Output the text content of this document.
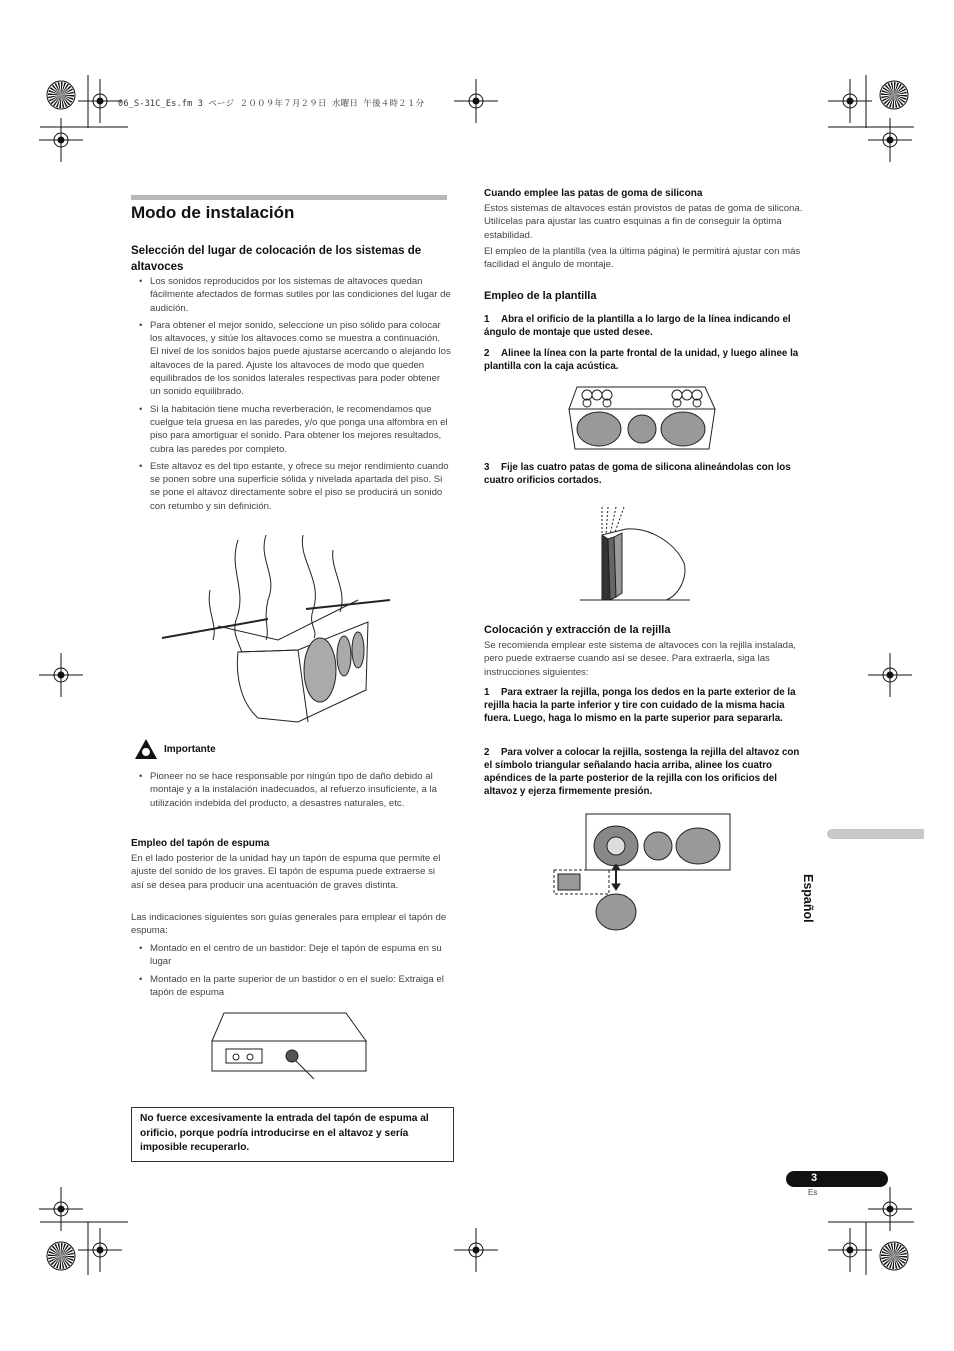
06_S-31C_Es.fm 3 ページ ２００９年７月２９日 水曜日 午後４時２１分
Modo de instalación
Selección del lugar de colocación de los sistemas de altavoces
• Los sonidos reproducidos por los sistemas de altavoces quedan fácilmente afectados de formas sutiles por las condiciones del lugar de audición.
• Para obtener el mejor sonido, seleccione un piso sólido para colocar los altavoces, y sitúe los altavoces como se muestra a continuación. El nivel de los sonidos bajos puede ajustarse acercando o alejando los altavoces de la pared. Ajuste los altavoces de modo que queden equilibrados de los sonidos laterales respectivas para poder obtener un sonido equilibrado.
• Si la habitación tiene mucha reverberación, le recomendamos que cuelgue tela gruesa en las paredes, y/o que ponga una alfombra en el piso para amortiguar el sonido. Para obtener los mejores resultados, cubra las paredes por completo.
• Este altavoz es del tipo estante, y ofrece su mejor rendimiento cuando se ponen sobre una superficie sólida y nivelada apartada del piso. Si se pone el altavoz directamente sobre el piso se producirá un sonido con retumbo y sin definición.
Importante
• Pioneer no se hace responsable por ningún tipo de daño debido al montaje y a la instalación inadecuados, al refuerzo insuficiente, a la utilización indebida del producto, a desastres naturales, etc.
Empleo del tapón de espuma
En el lado posterior de la unidad hay un tapón de espuma que permite el ajuste del sonido de los graves. El tapón de espuma puede extraerse si así se desea para producir una acentuación de graves distinta.
Las indicaciones siguientes son guías generales para emplear el tapón de espuma:
• Montado en el centro de un bastidor: Deje el tapón de espuma en su lugar
• Montado en la parte superior de un bastidor o en el suelo: Extraiga el tapón de espuma
No fuerce excesivamente la entrada del tapón de espuma al orificio, porque podría introducirse en el altavoz y sería imposible recuperarlo.
Cuando emplee las patas de goma de silicona
Estos sistemas de altavoces están provistos de patas de goma de silicona. Utilícelas para ajustar las cuatro esquinas a fin de conseguir la óptima estabilidad.
El empleo de la plantilla (vea la última página) le permitirá ajustar con más facilidad el ángulo de montaje.
Empleo de la plantilla
1 Abra el orificio de la plantilla a lo largo de la línea indicando el ángulo de montaje que usted desee.
2 Alinee la línea con la parte frontal de la unidad, y luego alinee la plantilla con la caja acústica.
3 Fije las cuatro patas de goma de silicona alineándolas con los cuatro orificios cortados.
Colocación y extracción de la rejilla
Se recomienda emplear este sistema de altavoces con la rejilla instalada, pero puede extraerse cuando así se desee. Para extraerla, siga las instrucciones siguientes:
1 Para extraer la rejilla, ponga los dedos en la parte exterior de la rejilla hacia la parte inferior y tire con cuidado de la misma hacia fuera. Luego, haga lo mismo en la parte superior para separarla.
2 Para volver a colocar la rejilla, sostenga la rejilla del altavoz con el símbolo triangular señalando hacia arriba, alinee los cuatro apéndices de la parte posterior de la rejilla con los orificios del altavoz y ejerza firmemente presión.
Español
3
Es
